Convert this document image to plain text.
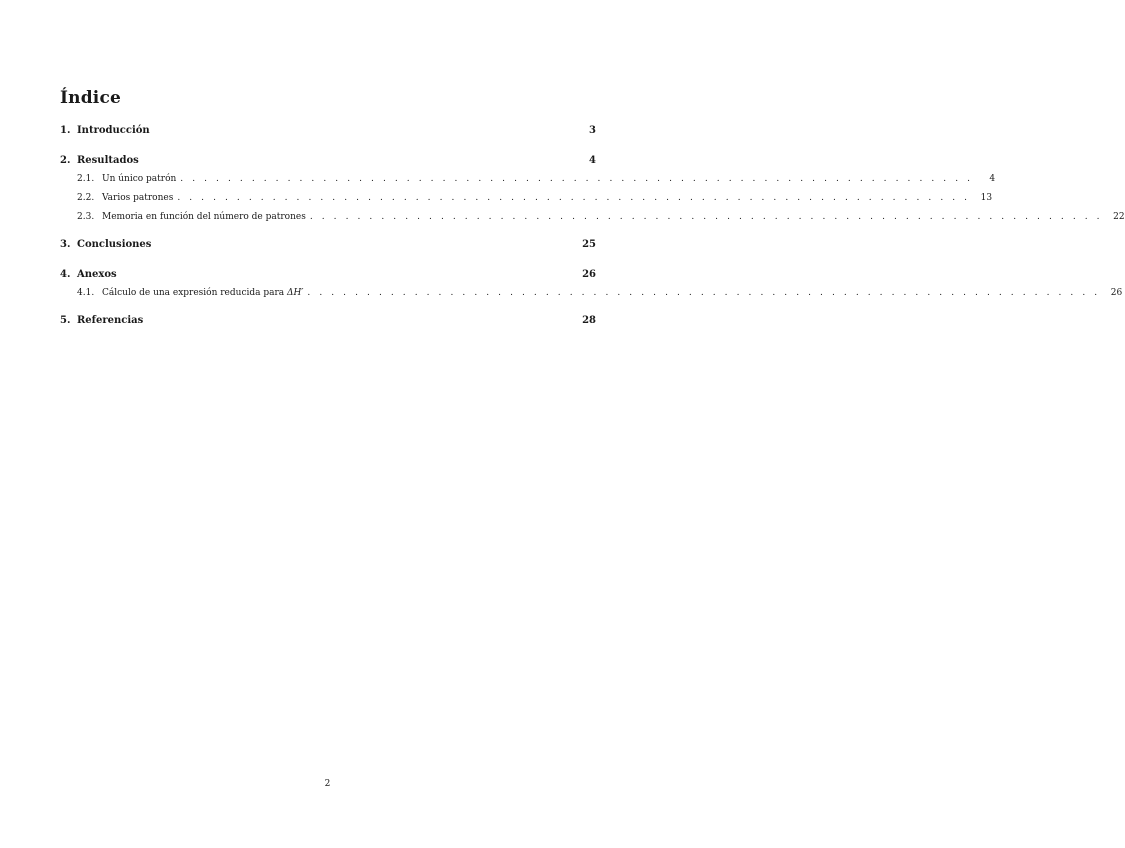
Índice
1. Introducción	3
2. Resultados	4
2.1. Un único patrón . . . . . . . . . . . . . . . . . . . . . . . . . . . . . . . . . . . . . . . . . . . . . . . . . . . . . . . . . . . . . . . . . . .	4
2.2. Varios patrones . . . . . . . . . . . . . . . . . . . . . . . . . . . . . . . . . . . . . . . . . . . . . . . . . . . . . . . . . . . . . . . . . . .	13
2.3. Memoria en función del número de patrones . . . . . . . . . . . . . . . . . . . . . . . . . . . . . . . . . . . . . . . . . . . . . . . . . . . . . . . . . . . . . . . . . . .	22
3. Conclusiones	25
4. Anexos	26
4.1. Cálculo de una expresión reducida para ΔH′ . . . . . . . . . . . . . . . . . . . . . . . . . . . . . . . . . . . . . . . . . . . . . . . . . . . . . . . . . . . . . . . . . . .	26
5. Referencias	28
2
